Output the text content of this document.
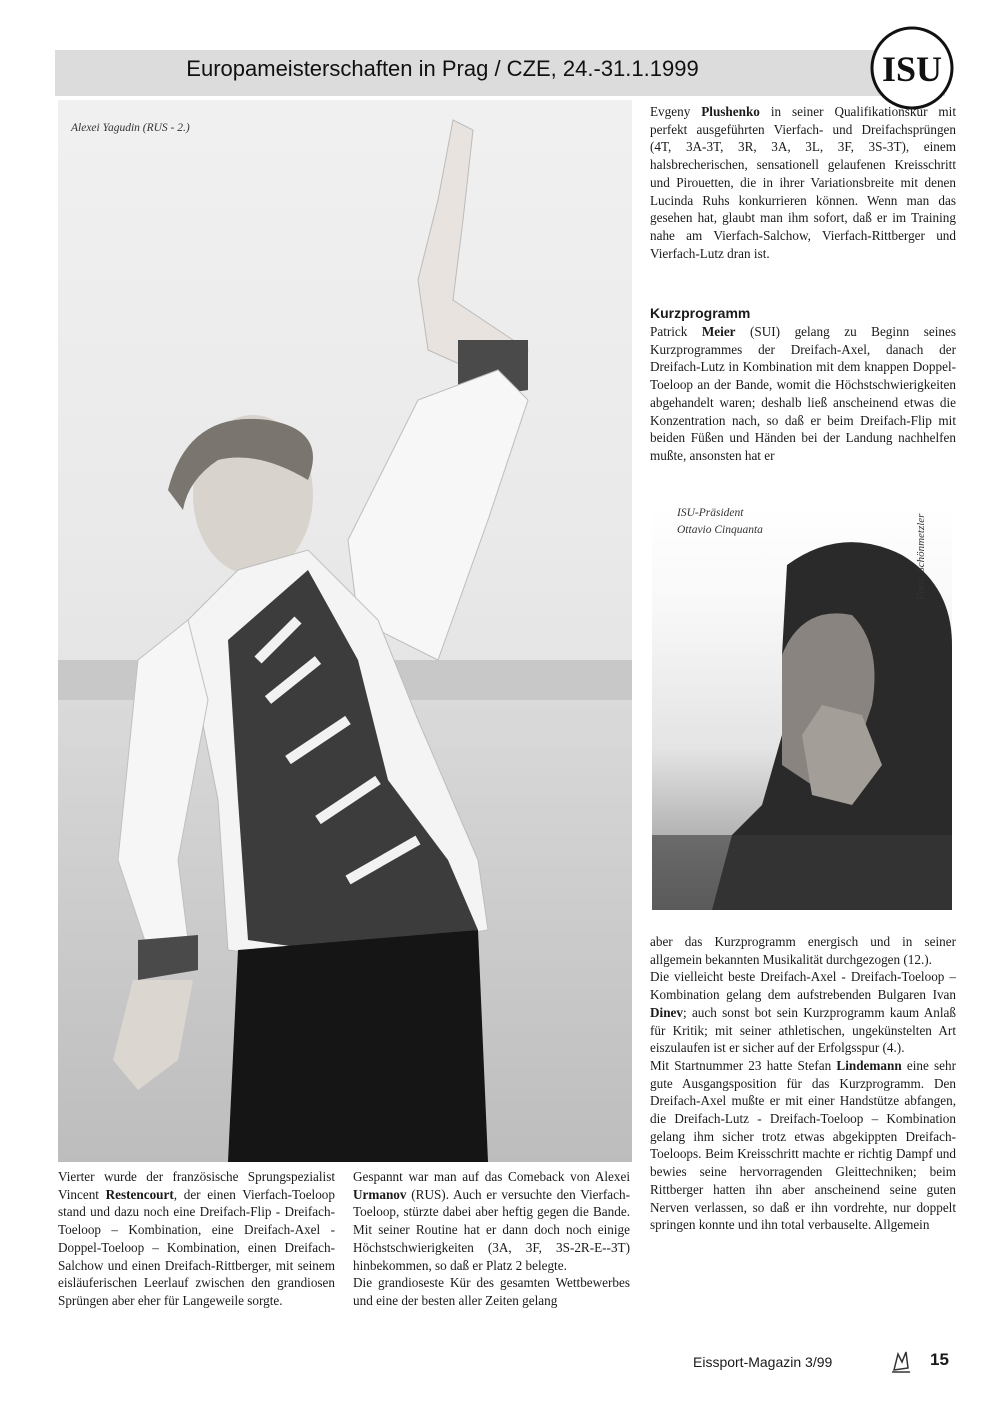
Europameisterschaften in Prag / CZE, 24.-31.1.1999	ISU
Alexei Yagudin (RUS - 2.)
ISU-Präsident
Ottavio Cinquanta	Foto: Schönmetzler
Evgeny Plushenko in seiner Qualifikationskür mit perfekt ausgeführten Vierfach- und Dreifachsprüngen (4T, 3A-3T, 3R, 3A, 3L, 3F, 3S-3T), einem halsbrecherischen, sensationell gelaufenen Kreisschritt und Pirouetten, die in ihrer Variationsbreite mit denen Lucinda Ruhs konkurrieren können. Wenn man das gesehen hat, glaubt man ihm sofort, daß er im Training nahe am Vierfach-Salchow, Vierfach-Rittberger und Vierfach-Lutz dran ist.
Kurzprogramm
Patrick Meier (SUI) gelang zu Beginn seines Kurzprogrammes der Dreifach-Axel, danach der Dreifach-Lutz in Kombination mit dem knappen Doppel-Toeloop an der Bande, womit die Höchstschwierigkeiten abgehandelt waren; deshalb ließ anscheinend etwas die Konzentration nach, so daß er beim Dreifach-Flip mit beiden Füßen und Händen bei der Landung nachhelfen mußte, ansonsten hat er
aber das Kurzprogramm energisch und in seiner allgemein bekannten Musikalität durchgezogen (12.).
Die vielleicht beste Dreifach-Axel - Dreifach-Toeloop – Kombination gelang dem aufstrebenden Bulgaren Ivan Dinev; auch sonst bot sein Kurzprogramm kaum Anlaß für Kritik; mit seiner athletischen, ungekünstelten Art eiszulaufen ist er sicher auf der Erfolgsspur (4.).
Mit Startnummer 23 hatte Stefan Lindemann eine sehr gute Ausgangsposition für das Kurzprogramm. Den Dreifach-Axel mußte er mit einer Handstütze abfangen, die Dreifach-Lutz - Dreifach-Toeloop – Kombination gelang ihm sicher trotz etwas abgekippten Dreifach-Toeloops. Beim Kreisschritt machte er richtig Dampf und bewies seine hervorragenden Gleittechniken; beim Rittberger hatten ihn aber anscheinend seine guten Nerven verlassen, so daß er ihn vordrehte, nur doppelt springen konnte und ihn total verbauselte. Allgemein
Vierter wurde der französische Sprungspezialist Vincent Restencourt, der einen Vierfach-Toeloop stand und dazu noch eine Dreifach-Flip - Dreifach-Toeloop – Kombination, eine Dreifach-Axel - Doppel-Toeloop – Kombination, einen Dreifach-Salchow und einen Dreifach-Rittberger, mit seinem eisläuferischen Leerlauf zwischen den grandiosen Sprüngen aber eher für Langeweile sorgte.
Gespannt war man auf das Comeback von Alexei Urmanov (RUS). Auch er versuchte den Vierfach-Toeloop, stürzte dabei aber heftig gegen die Bande. Mit seiner Routine hat er dann doch noch einige Höchstschwierigkeiten (3A, 3F, 3S-2R-E--3T) hinbekommen, so daß er Platz 2 belegte.
Die grandioseste Kür des gesamten Wettbewerbes und eine der besten aller Zeiten gelang
Eissport-Magazin 3/99	15
